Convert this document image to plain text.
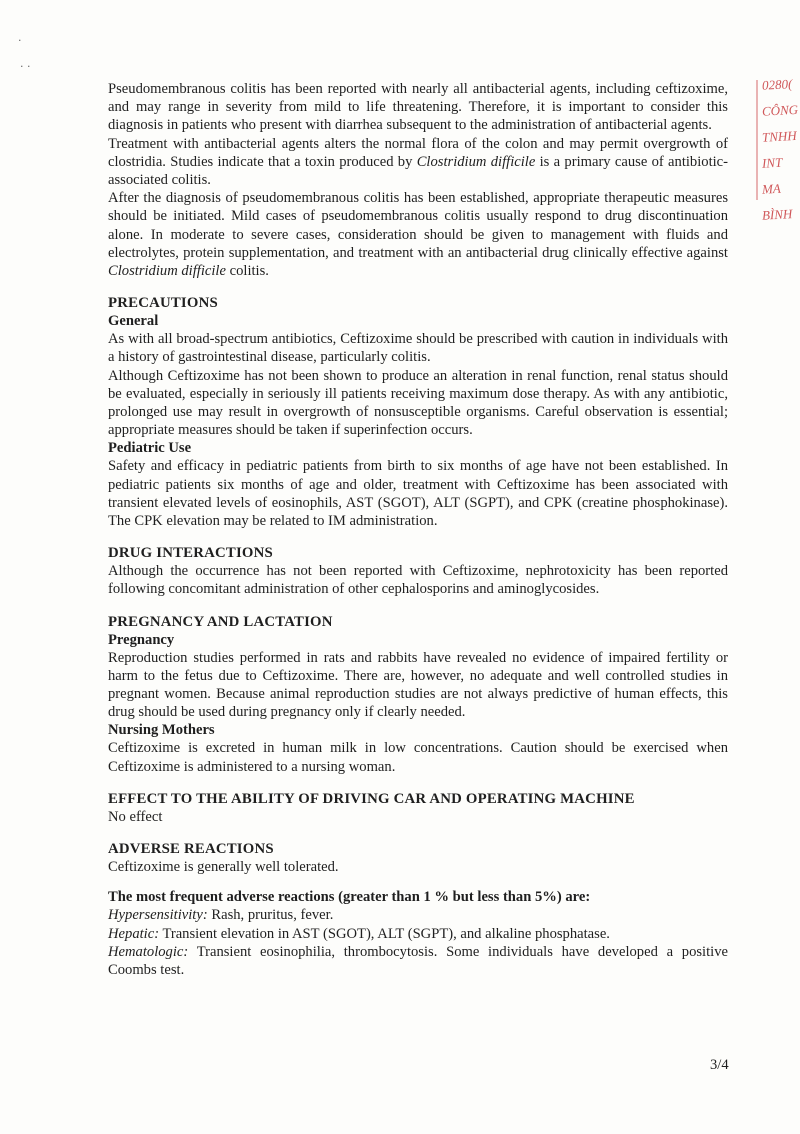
·
· ·
0280(
CÔNG
TNHH
INT
MA
BÌNH

Pseudomembranous colitis has been reported with nearly all antibacterial agents, including ceftizoxime, and may range in severity from mild to life threatening. Therefore, it is important to consider this diagnosis in patients who present with diarrhea subsequent to the administration of antibacterial agents.

Treatment with antibacterial agents alters the normal flora of the colon and may permit overgrowth of clostridia. Studies indicate that a toxin produced by Clostridium difficile is a primary cause of antibiotic-associated colitis.

After the diagnosis of pseudomembranous colitis has been established, appropriate therapeutic measures should be initiated. Mild cases of pseudomembranous colitis usually respond to drug discontinuation alone. In moderate to severe cases, consideration should be given to management with fluids and electrolytes, protein supplementation, and treatment with an antibacterial drug clinically effective against Clostridium difficile colitis.

PRECAUTIONS
General

As with all broad-spectrum antibiotics, Ceftizoxime should be prescribed with caution in individuals with a history of gastrointestinal disease, particularly colitis.

Although Ceftizoxime has not been shown to produce an alteration in renal function, renal status should be evaluated, especially in seriously ill patients receiving maximum dose therapy. As with any antibiotic, prolonged use may result in overgrowth of nonsusceptible organisms. Careful observation is essential; appropriate measures should be taken if superinfection occurs.

Pediatric Use

Safety and efficacy in pediatric patients from birth to six months of age have not been established. In pediatric patients six months of age and older, treatment with Ceftizoxime has been associated with transient elevated levels of eosinophils, AST (SGOT), ALT (SGPT), and CPK (creatine phosphokinase). The CPK elevation may be related to IM administration.

DRUG INTERACTIONS

Although the occurrence has not been reported with Ceftizoxime, nephrotoxicity has been reported following concomitant administration of other cephalosporins and aminoglycosides.

PREGNANCY AND LACTATION
Pregnancy

Reproduction studies performed in rats and rabbits have revealed no evidence of impaired fertility or harm to the fetus due to Ceftizoxime. There are, however, no adequate and well controlled studies in pregnant women. Because animal reproduction studies are not always predictive of human effects, this drug should be used during pregnancy only if clearly needed.

Nursing Mothers

Ceftizoxime is excreted in human milk in low concentrations. Caution should be exercised when Ceftizoxime is administered to a nursing woman.

EFFECT TO THE ABILITY OF DRIVING CAR AND OPERATING MACHINE

No effect

ADVERSE REACTIONS

Ceftizoxime is generally well tolerated.

The most frequent adverse reactions (greater than 1 % but less than 5%) are:

Hypersensitivity: Rash, pruritus, fever.

Hepatic: Transient elevation in AST (SGOT), ALT (SGPT), and alkaline phosphatase.

Hematologic: Transient eosinophilia, thrombocytosis. Some individuals have developed a positive Coombs test.

3/4
